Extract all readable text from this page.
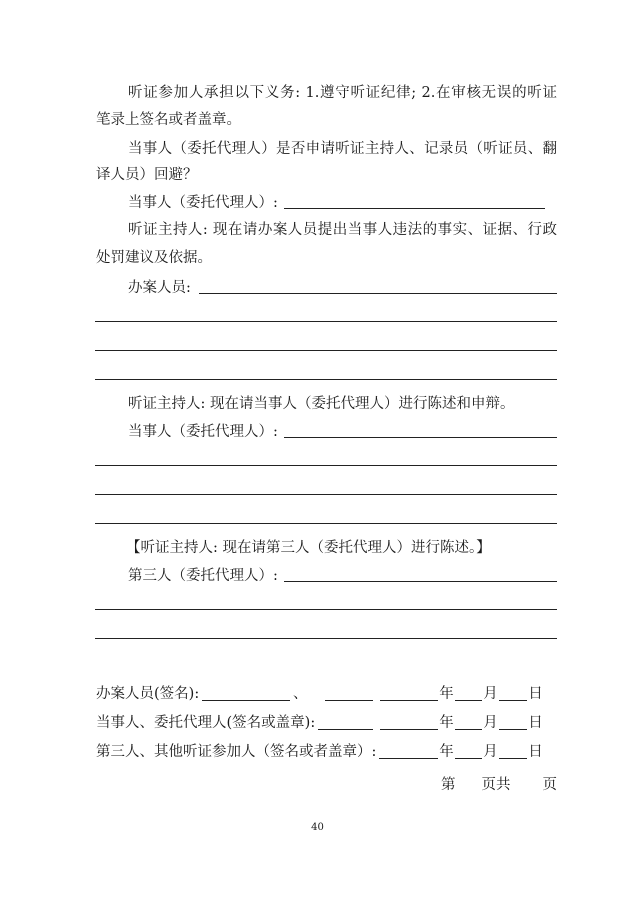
听证参加人承担以下义务: 1.遵守听证纪律; 2.在审核无误的听证
笔录上签名或者盖章。
当事人（委托代理人）是否申请听证主持人、记录员（听证员、翻
译人员）回避？
当事人（委托代理人）:
听证主持人: 现在请办案人员提出当事人违法的事实、证据、行政
处罚建议及依据。
办案人员:
听证主持人: 现在请当事人（委托代理人）进行陈述和申辩。
当事人（委托代理人）:
【听证主持人: 现在请第三人（委托代理人）进行陈述。】
第三人（委托代理人）:
办案人员(签名):	、	年 月 日
当事人、委托代理人(签名或盖章):	年 月 日
第三人、其他听证参加人（签名或者盖章）:	年 月 日
第 页共 页
40
